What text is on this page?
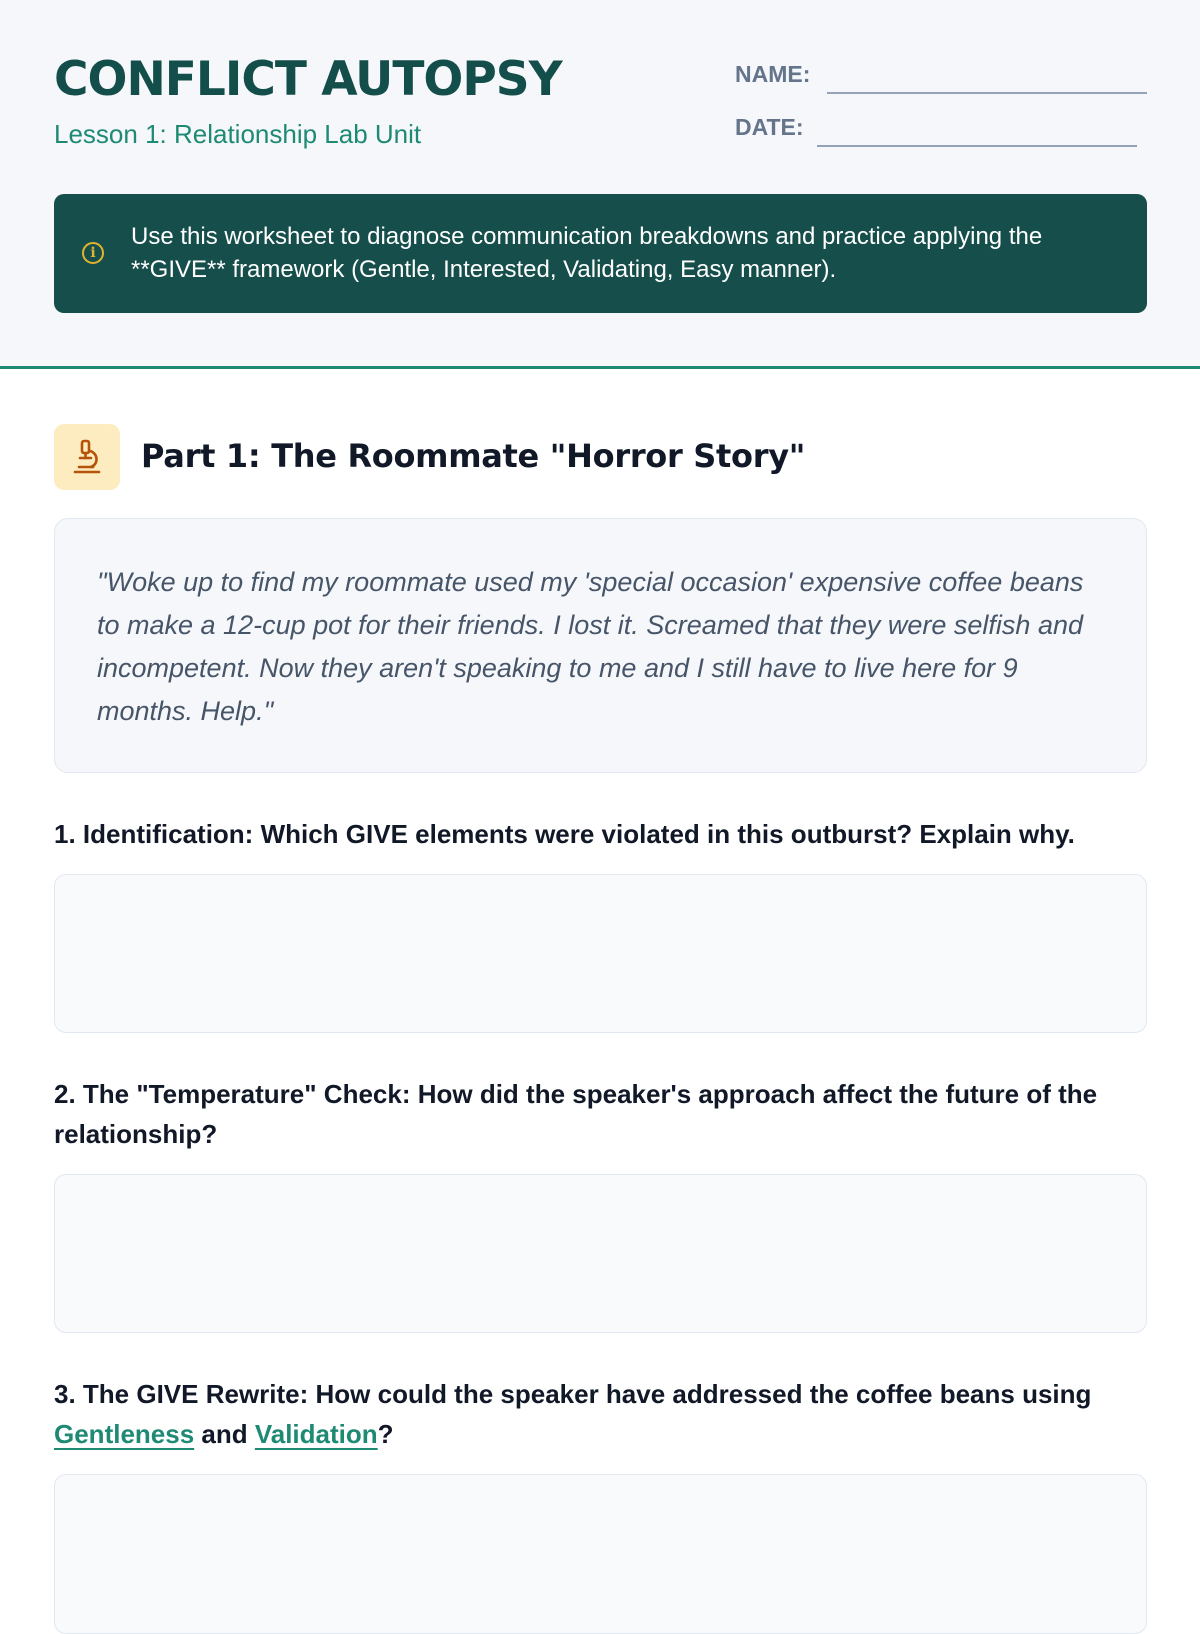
CONFLICT AUTOPSY
Lesson 1: Relationship Lab Unit
NAME:
DATE:
i
Use this worksheet to diagnose communication breakdowns and practice applying the **GIVE** framework (Gentle, Interested, Validating, Easy manner).
Part 1: The Roommate "Horror Story"
"Woke up to find my roommate used my 'special occasion' expensive coffee beans to make a 12-cup pot for their friends. I lost it. Screamed that they were selfish and incompetent. Now they aren't speaking to me and I still have to live here for 9 months. Help."
1. Identification: Which GIVE elements were violated in this outburst? Explain why.
2. The "Temperature" Check: How did the speaker's approach affect the future of the relationship?
3. The GIVE Rewrite: How could the speaker have addressed the coffee beans using Gentleness and Validation?
